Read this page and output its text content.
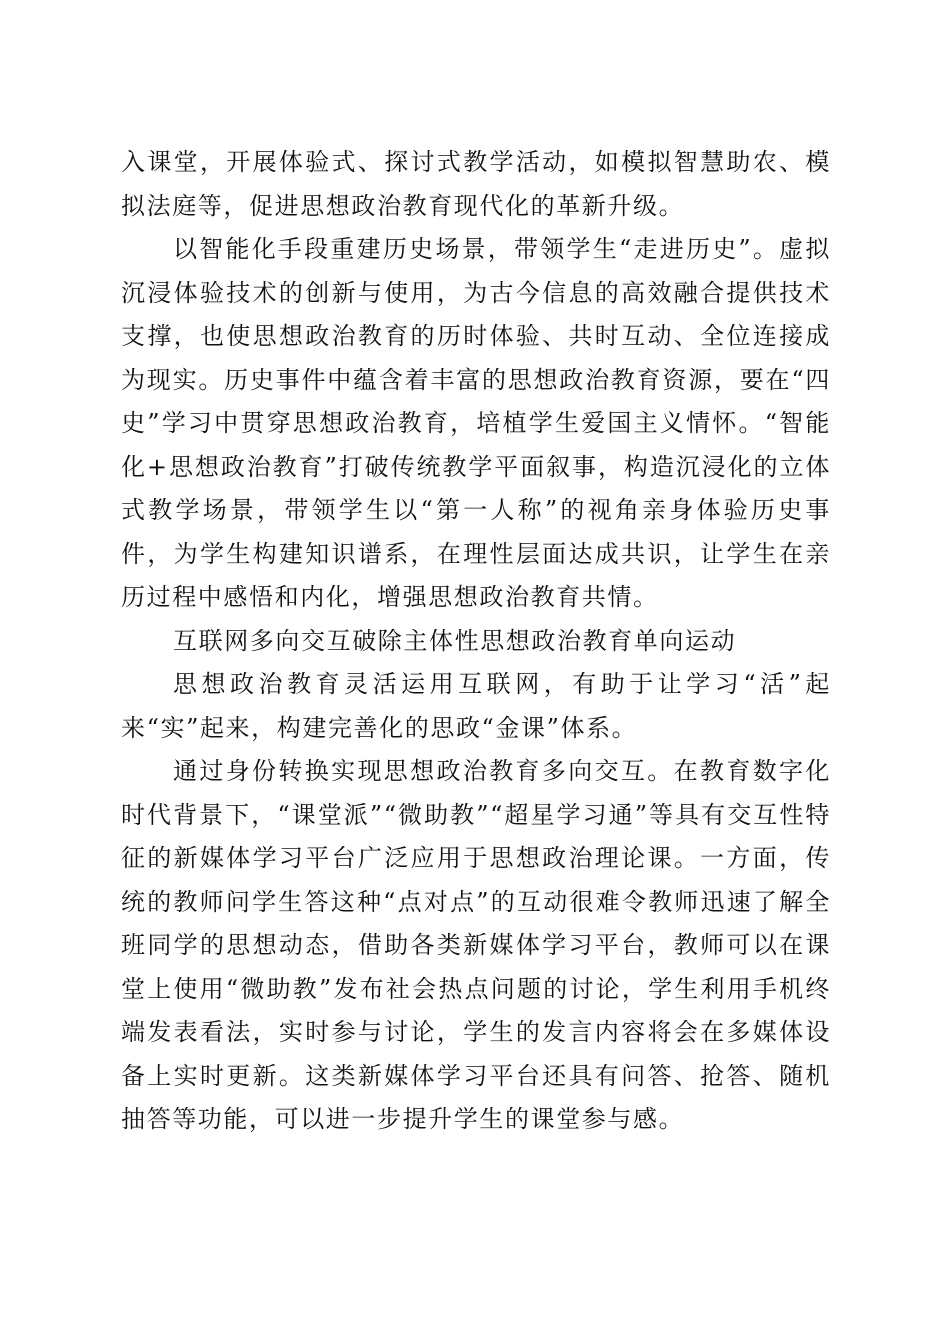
入课堂，开展体验式、探讨式教学活动，如模拟智慧助农、模拟法庭等，促进思想政治教育现代化的革新升级。

以智能化手段重建历史场景，带领学生“走进历史”。虚拟沉浸体验技术的创新与使用，为古今信息的高效融合提供技术支撑，也使思想政治教育的历时体验、共时互动、全位连接成为现实。历史事件中蕴含着丰富的思想政治教育资源，要在“四史”学习中贯穿思想政治教育，培植学生爱国主义情怀。“智能化+思想政治教育”打破传统教学平面叙事，构造沉浸化的立体式教学场景，带领学生以“第一人称”的视角亲身体验历史事件，为学生构建知识谱系，在理性层面达成共识，让学生在亲历过程中感悟和内化，增强思想政治教育共情。

互联网多向交互破除主体性思想政治教育单向运动

思想政治教育灵活运用互联网，有助于让学习“活”起来“实”起来，构建完善化的思政“金课”体系。

通过身份转换实现思想政治教育多向交互。在教育数字化时代背景下，“课堂派”“微助教”“超星学习通”等具有交互性特征的新媒体学习平台广泛应用于思想政治理论课。一方面，传统的教师问学生答这种“点对点”的互动很难令教师迅速了解全班同学的思想动态，借助各类新媒体学习平台，教师可以在课堂上使用“微助教”发布社会热点问题的讨论，学生利用手机终端发表看法，实时参与讨论，学生的发言内容将会在多媒体设备上实时更新。这类新媒体学习平台还具有问答、抢答、随机抽答等功能，可以进一步提升学生的课堂参与感。
